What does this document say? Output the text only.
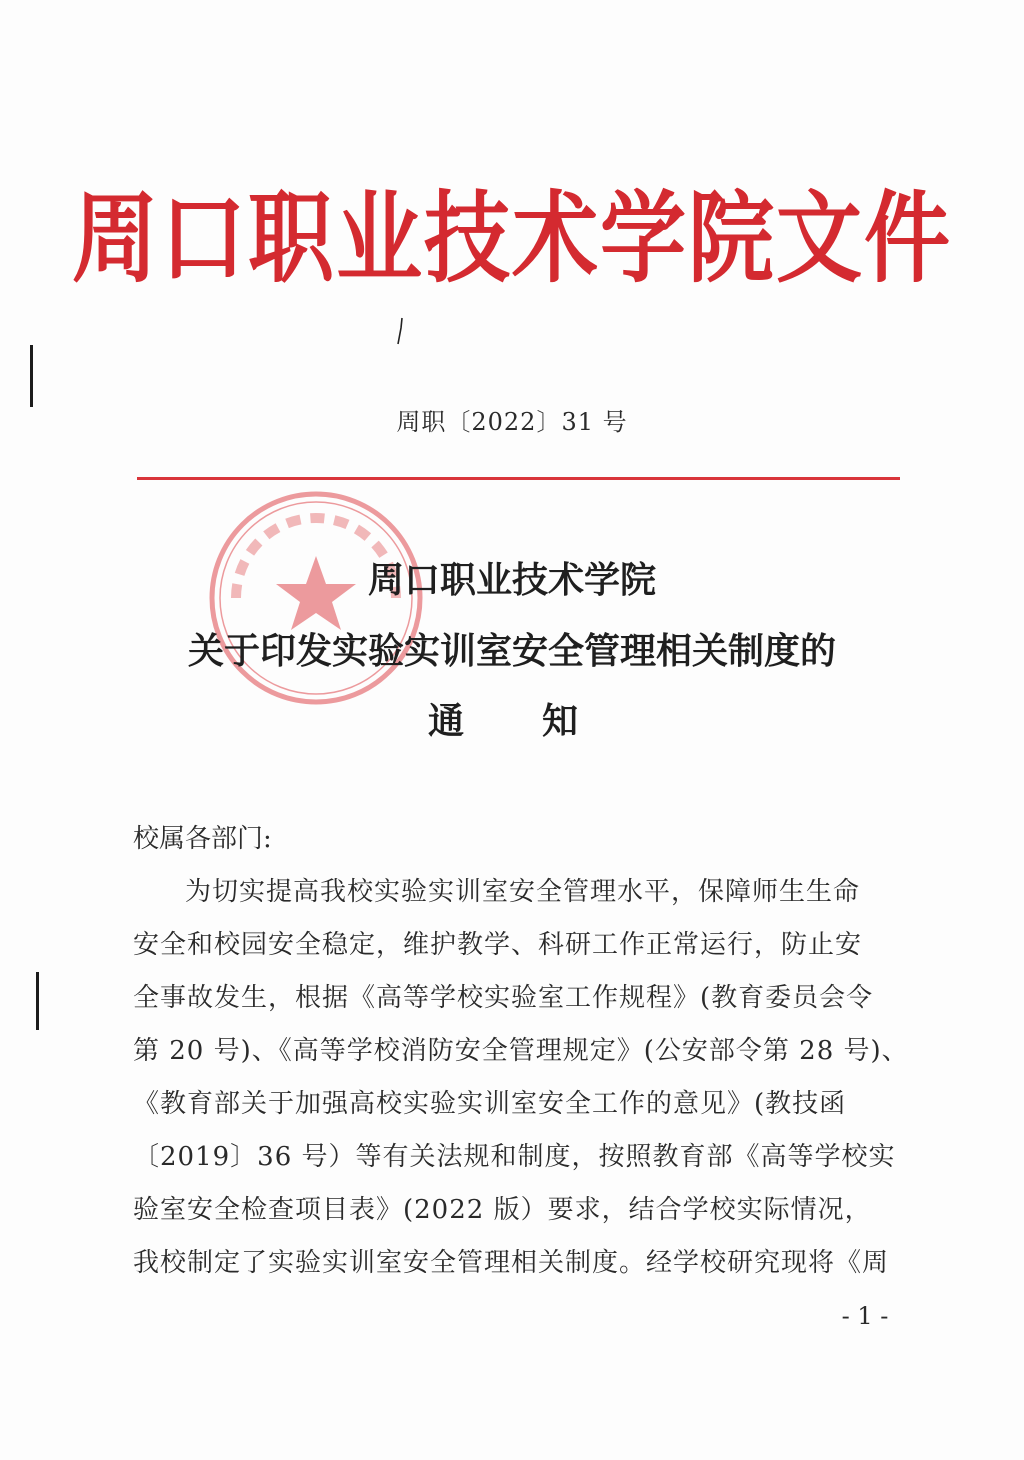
周口职业技术学院文件
周职〔2022〕31 号
周口职业技术学院
关于印发实验实训室安全管理相关制度的
通知
校属各部门:
为切实提高我校实验实训室安全管理水平，保障师生生命
安全和校园安全稳定，维护教学、科研工作正常运行，防止安
全事故发生，根据《高等学校实验室工作规程》(教育委员会令
第 20 号)、《高等学校消防安全管理规定》(公安部令第 28 号)、
《教育部关于加强高校实验实训室安全工作的意见》(教技函
〔2019〕36 号）等有关法规和制度，按照教育部《高等学校实
验室安全检查项目表》(2022 版）要求，结合学校实际情况，
我校制定了实验实训室安全管理相关制度。经学校研究现将《周
- 1 -
